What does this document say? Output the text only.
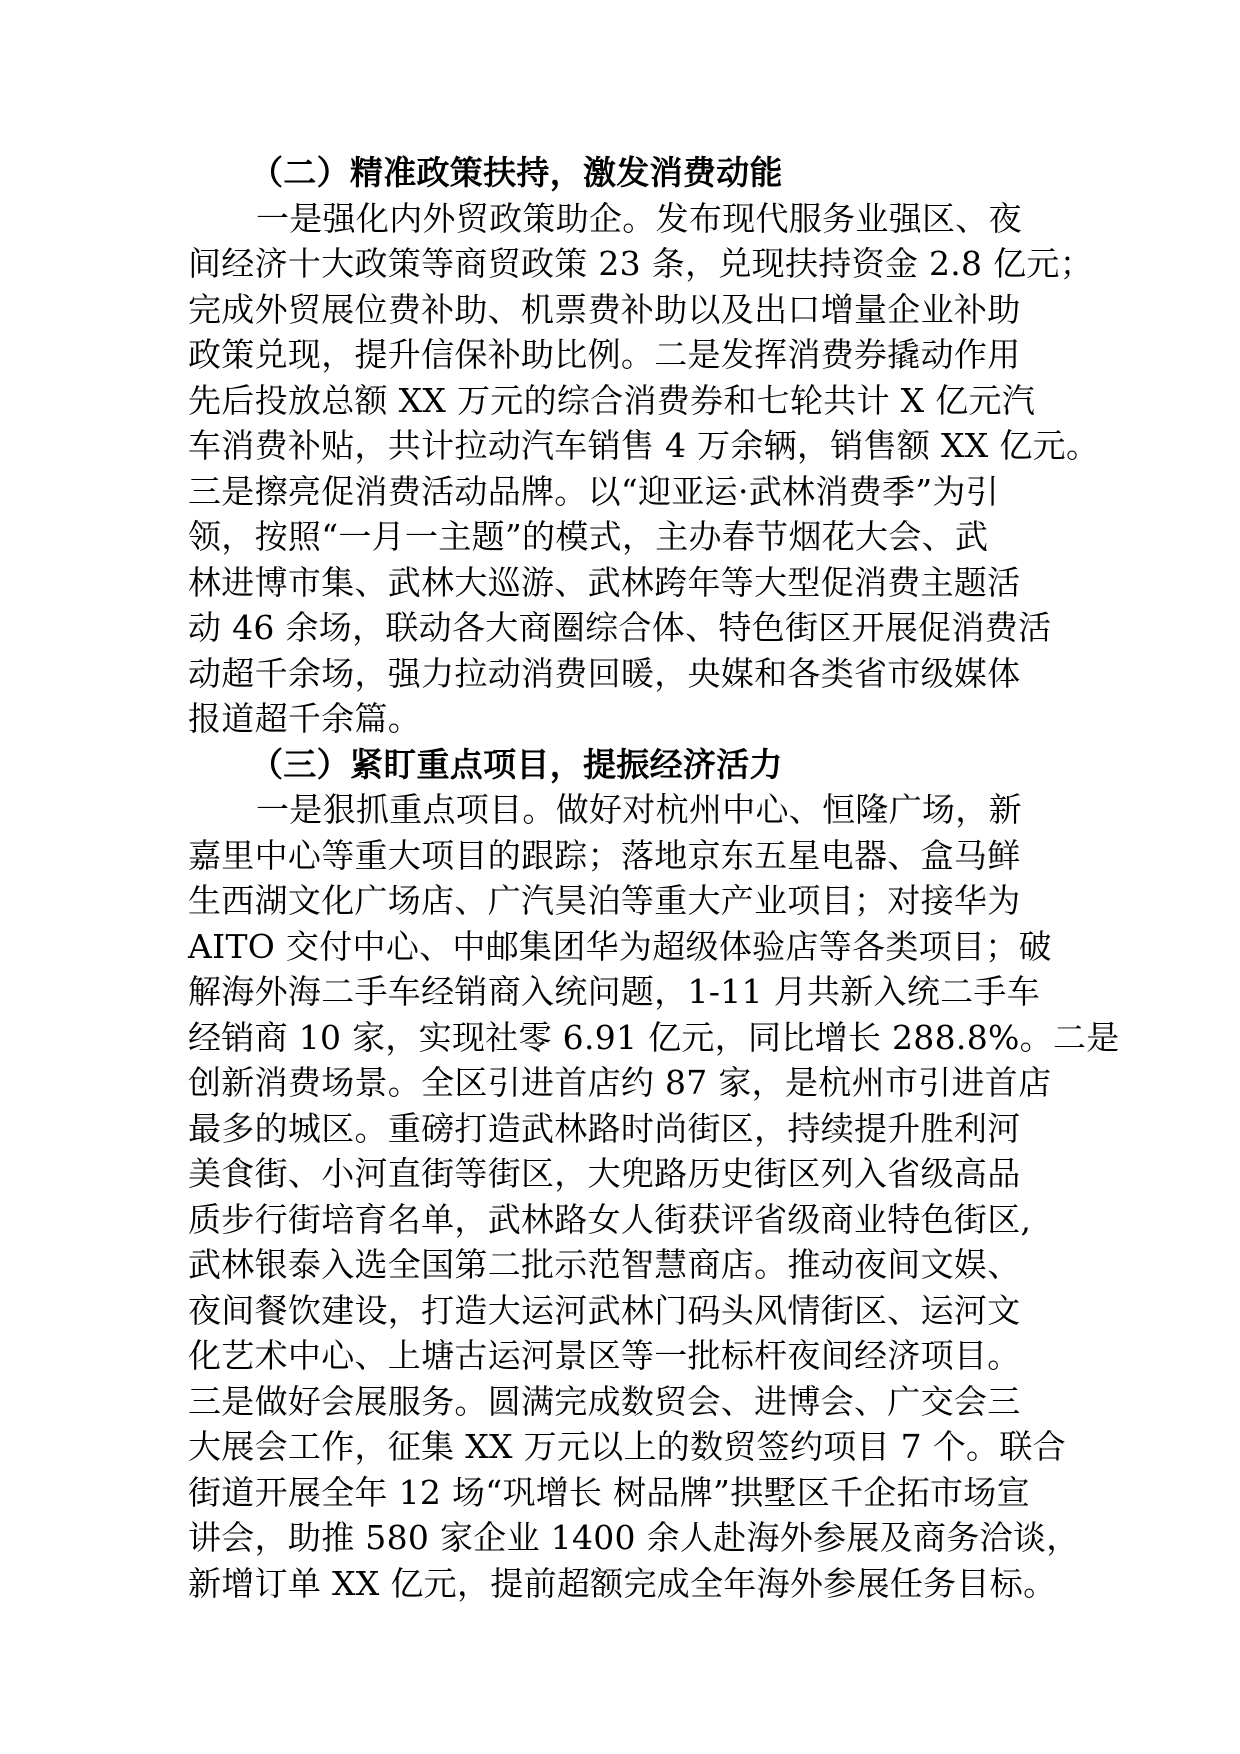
（二）精准政策扶持，激发消费动能
一是强化内外贸政策助企。发布现代服务业强区、夜
间经济十大政策等商贸政策 23 条，兑现扶持资金 2.8 亿元；
完成外贸展位费补助、机票费补助以及出口增量企业补助
政策兑现，提升信保补助比例。二是发挥消费券撬动作用
先后投放总额 XX 万元的综合消费券和七轮共计 X 亿元汽
车消费补贴，共计拉动汽车销售 4 万余辆，销售额 XX 亿元。
三是擦亮促消费活动品牌。以“迎亚运·武林消费季”为引
领，按照“一月一主题”的模式，主办春节烟花大会、武
林进博市集、武林大巡游、武林跨年等大型促消费主题活
动 46 余场，联动各大商圈综合体、特色街区开展促消费活
动超千余场，强力拉动消费回暖，央媒和各类省市级媒体
报道超千余篇。
（三）紧盯重点项目，提振经济活力
一是狠抓重点项目。做好对杭州中心、恒隆广场，新
嘉里中心等重大项目的跟踪；落地京东五星电器、盒马鲜
生西湖文化广场店、广汽昊泊等重大产业项目；对接华为
AITO 交付中心、中邮集团华为超级体验店等各类项目；破
解海外海二手车经销商入统问题，1-11 月共新入统二手车
经销商 10 家，实现社零 6.91 亿元，同比增长 288.8%。二是
创新消费场景。全区引进首店约 87 家，是杭州市引进首店
最多的城区。重磅打造武林路时尚街区，持续提升胜利河
美食街、小河直街等街区，大兜路历史街区列入省级高品
质步行街培育名单，武林路女人街获评省级商业特色街区,
武林银泰入选全国第二批示范智慧商店。推动夜间文娱、
夜间餐饮建设，打造大运河武林门码头风情街区、运河文
化艺术中心、上塘古运河景区等一批标杆夜间经济项目。
三是做好会展服务。圆满完成数贸会、进博会、广交会三
大展会工作，征集 XX 万元以上的数贸签约项目 7 个。联合
街道开展全年 12 场“巩增长 树品牌”拱墅区千企拓市场宣
讲会，助推 580 家企业 1400 余人赴海外参展及商务洽谈，
新增订单 XX 亿元，提前超额完成全年海外参展任务目标。
